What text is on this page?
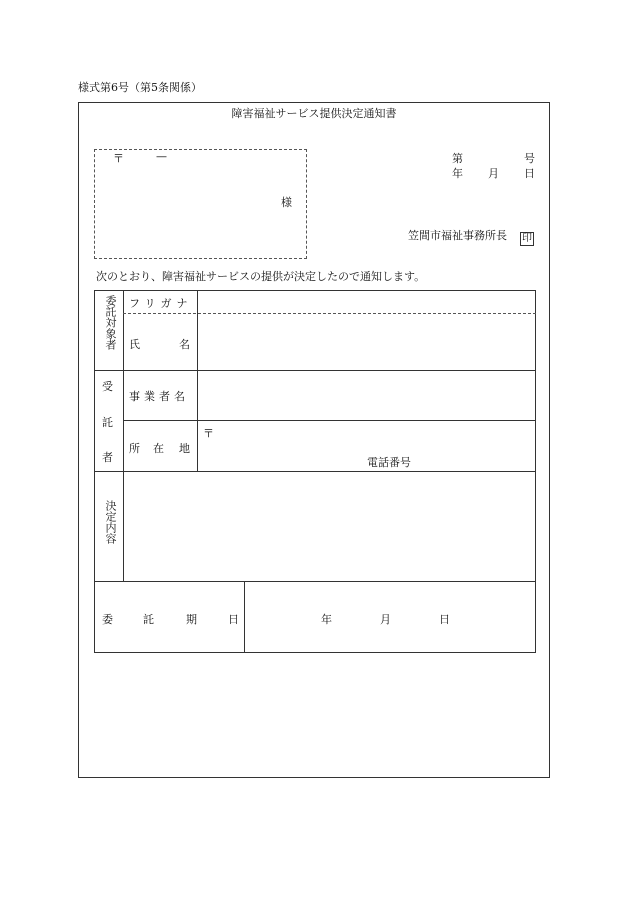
様式第6号（第5条関係）
障害福祉サービス提供決定通知書
〒	—
様
第	号
年 月 日
笠間市福祉事務所長 印
次のとおり、障害福祉サービスの提供が決定したので通知します。
委託対象者 フリガナ
氏	名
受
託
者
事業者名
所 在 地
〒
電話番号
決定内容
委	託	期	日	年	月	日
